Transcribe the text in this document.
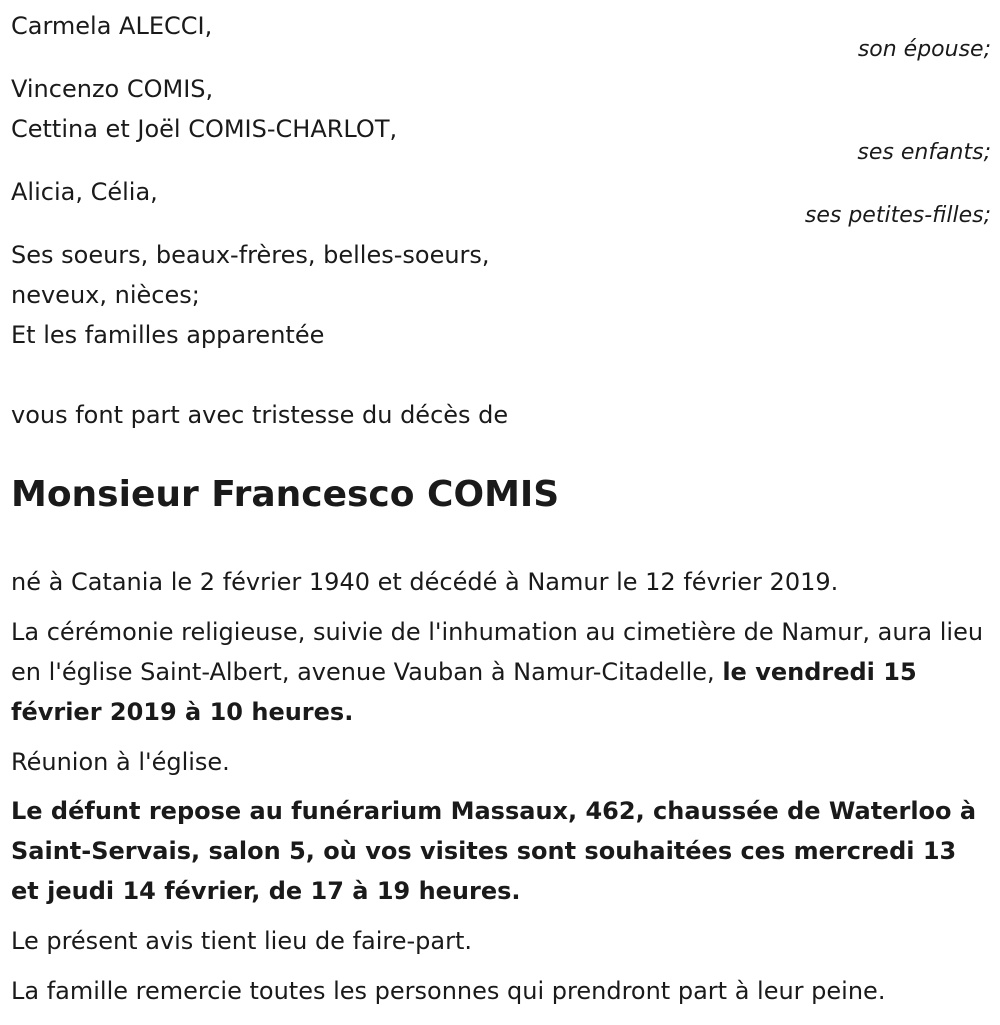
Carmela ALECCI,
son épouse;
Vincenzo COMIS,
Cettina et Joël COMIS-CHARLOT,
ses enfants;
Alicia, Célia,
ses petites-filles;
Ses soeurs, beaux-frères, belles-soeurs,
neveux, nièces;
Et les familles apparentée
vous font part avec tristesse du décès de
Monsieur Francesco COMIS
né à Catania le 2 février 1940 et décédé à Namur le 12 février 2019.
La cérémonie religieuse, suivie de l'inhumation au cimetière de Namur, aura lieu en l'église Saint-Albert, avenue Vauban à Namur-Citadelle, le vendredi 15 février 2019 à 10 heures.
Réunion à l'église.
Le défunt repose au funérarium Massaux, 462, chaussée de Waterloo à Saint-Servais, salon 5, où vos visites sont souhaitées ces mercredi 13 et jeudi 14 février, de 17 à 19 heures.
Le présent avis tient lieu de faire-part.
La famille remercie toutes les personnes qui prendront part à leur peine.
